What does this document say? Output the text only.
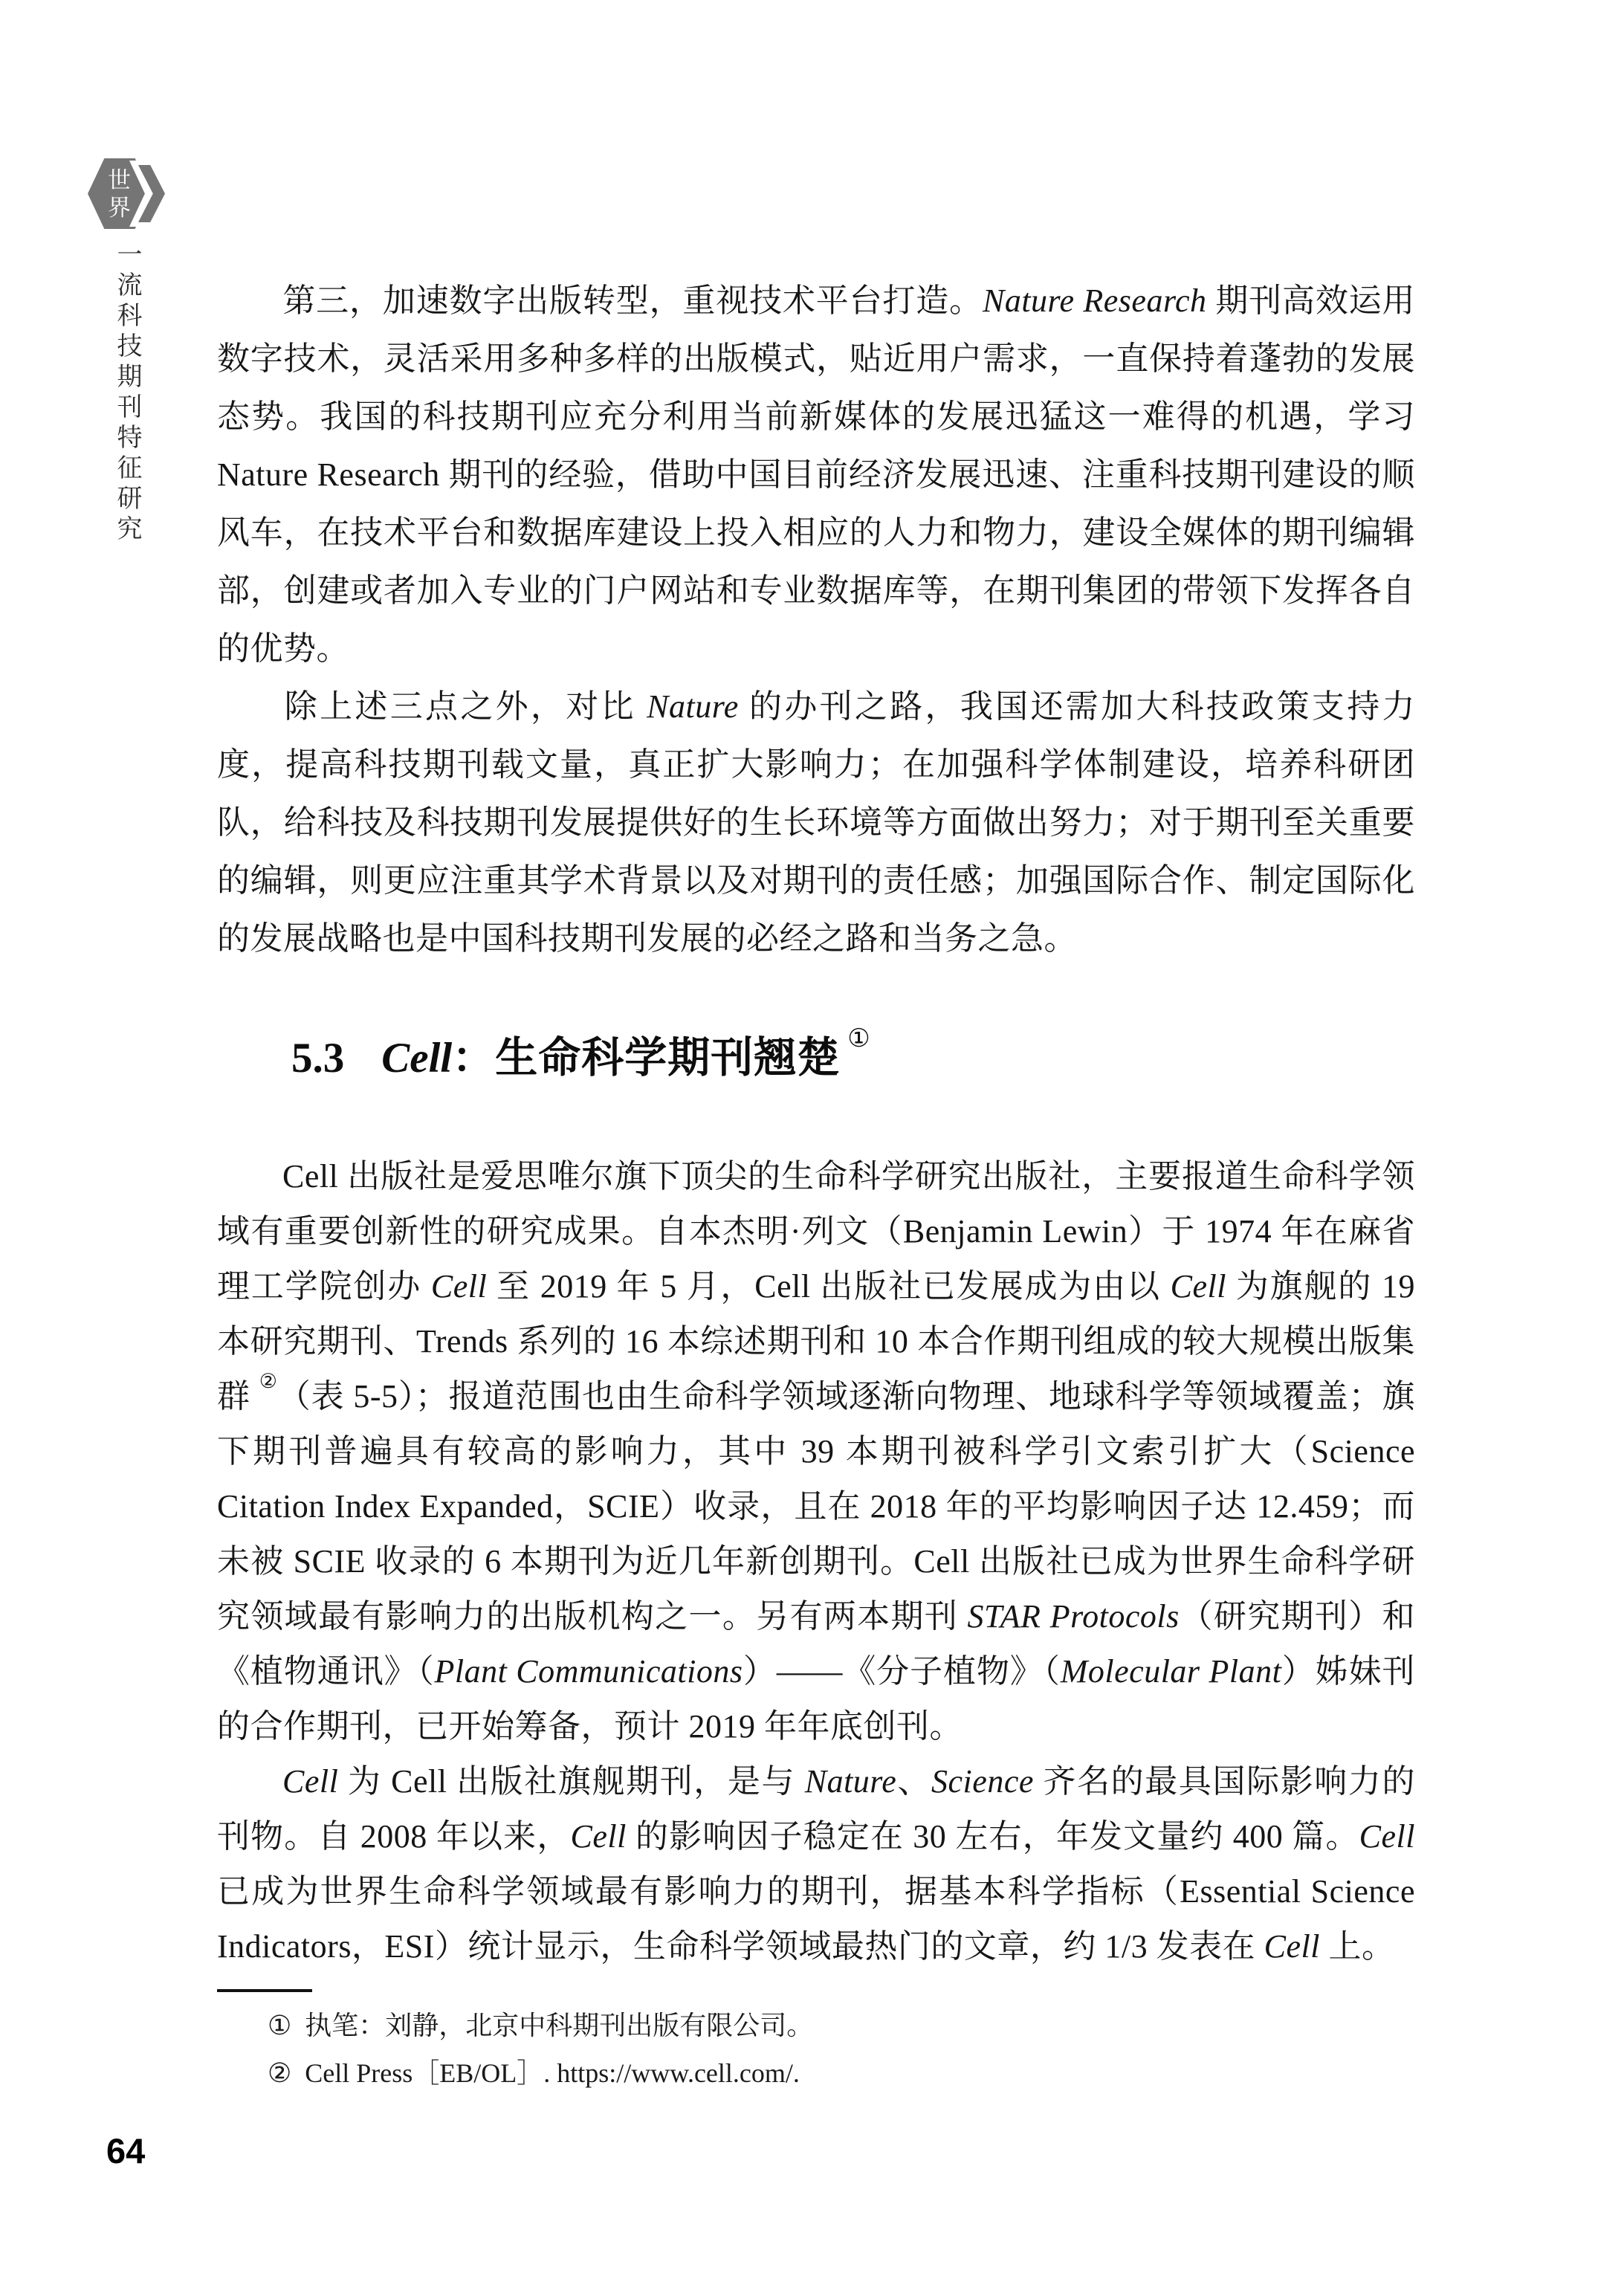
世
界
一流科技期刊特征研究	第三，加速数字出版转型，重视技术平台打造。Nature Research 期刊高效运用数字技术，灵活采用多种多样的出版模式，贴近用户需求，一直保持着蓬勃的发展态势。我国的科技期刊应充分利用当前新媒体的发展迅猛这一难得的机遇，学习 Nature Research 期刊的经验，借助中国目前经济发展迅速、注重科技期刊建设的顺风车，在技术平台和数据库建设上投入相应的人力和物力，建设全媒体的期刊编辑部，创建或者加入专业的门户网站和专业数据库等，在期刊集团的带领下发挥各自的优势。

除上述三点之外，对比 Nature 的办刊之路，我国还需加大科技政策支持力度，提高科技期刊载文量，真正扩大影响力；在加强科学体制建设，培养科研团队，给科技及科技期刊发展提供好的生长环境等方面做出努力；对于期刊至关重要的编辑，则更应注重其学术背景以及对期刊的责任感；加强国际合作、制定国际化的发展战略也是中国科技期刊发展的必经之路和当务之急。

5.3 Cell：生命科学期刊翘楚 ①

Cell 出版社是爱思唯尔旗下顶尖的生命科学研究出版社，主要报道生命科学领域有重要创新性的研究成果。自本杰明·列文（Benjamin Lewin）于 1974 年在麻省理工学院创办 Cell 至 2019 年 5 月，Cell 出版社已发展成为由以 Cell 为旗舰的 19 本研究期刊、Trends 系列的 16 本综述期刊和 10 本合作期刊组成的较大规模出版集群 ②（表 5-5）；报道范围也由生命科学领域逐渐向物理、地球科学等领域覆盖；旗下期刊普遍具有较高的影响力，其中 39 本期刊被科学引文索引扩大（Science Citation Index Expanded，SCIE）收录，且在 2018 年的平均影响因子达 12.459；而未被 SCIE 收录的 6 本期刊为近几年新创期刊。Cell 出版社已成为世界生命科学研究领域最有影响力的出版机构之一。另有两本期刊 STAR Protocols（研究期刊）和《植物通讯》（Plant Communications）——《分子植物》（Molecular Plant）姊妹刊的合作期刊，已开始筹备，预计 2019 年年底创刊。

Cell 为 Cell 出版社旗舰期刊，是与 Nature、Science 齐名的最具国际影响力的刊物。自 2008 年以来，Cell 的影响因子稳定在 30 左右，年发文量约 400 篇。Cell 已成为世界生命科学领域最有影响力的期刊，据基本科学指标（Essential Science Indicators，ESI）统计显示，生命科学领域最热门的文章，约 1/3 发表在 Cell 上。

① 执笔：刘静，北京中科期刊出版有限公司。
② Cell Press［EB/OL］. https://www.cell.com/.
64
